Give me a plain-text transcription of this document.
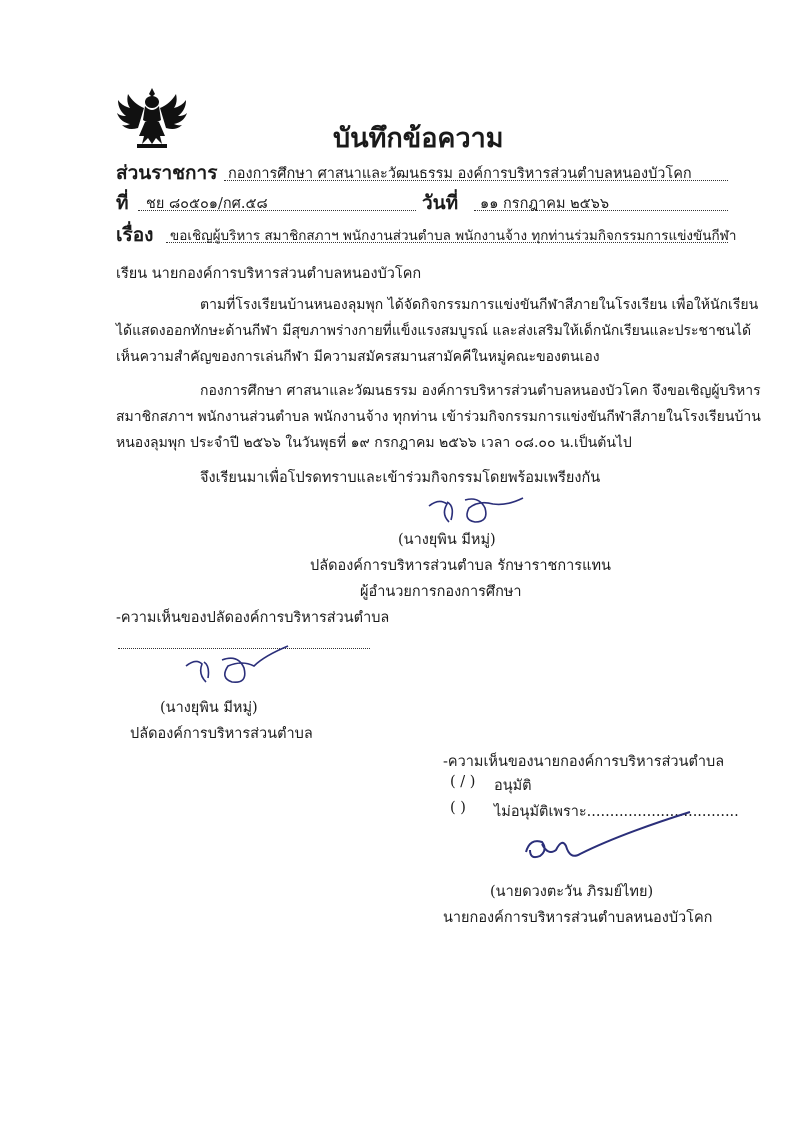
บันทึกข้อความ
ส่วนราชการ กองการศึกษา ศาสนาและวัฒนธรรม องค์การบริหารส่วนตำบลหนองบัวโคก
ที่ ชย ๘๐๕๐๑/กศ.๕๘	วันที่ ๑๑ กรกฎาคม ๒๕๖๖
เรื่อง ขอเชิญผู้บริหาร สมาชิกสภาฯ พนักงานส่วนตำบล พนักงานจ้าง ทุกท่านร่วมกิจกรรมการแข่งขันกีฬา
เรียน นายกองค์การบริหารส่วนตำบลหนองบัวโคก
ตามที่โรงเรียนบ้านหนองลุมพุก ได้จัดกิจกรรมการแข่งขันกีฬาสีภายในโรงเรียน เพื่อให้นักเรียน
ได้แสดงออกทักษะด้านกีฬา มีสุขภาพร่างกายที่แข็งแรงสมบูรณ์ และส่งเสริมให้เด็กนักเรียนและประชาชนได้
เห็นความสำคัญของการเล่นกีฬา มีความสมัครสมานสามัคคีในหมู่คณะของตนเอง
กองการศึกษา ศาสนาและวัฒนธรรม องค์การบริหารส่วนตำบลหนองบัวโคก จึงขอเชิญผู้บริหาร
สมาชิกสภาฯ พนักงานส่วนตำบล พนักงานจ้าง ทุกท่าน เข้าร่วมกิจกรรมการแข่งขันกีฬาสีภายในโรงเรียนบ้าน
หนองลุมพุก ประจำปี ๒๕๖๖ ในวันพุธที่ ๑๙ กรกฎาคม ๒๕๖๖ เวลา ๐๘.๐๐ น.เป็นต้นไป
จึงเรียนมาเพื่อโปรดทราบและเข้าร่วมกิจกรรมโดยพร้อมเพรียงกัน
(นางยุพิน มีหมู่)
ปลัดองค์การบริหารส่วนตำบล รักษาราชการแทน
ผู้อำนวยการกองการศึกษา
-ความเห็นของปลัดองค์การบริหารส่วนตำบล
(นางยุพิน มีหมู่)
ปลัดองค์การบริหารส่วนตำบล
-ความเห็นของนายกองค์การบริหารส่วนตำบล
( / ) อนุมัติ
( ) ไม่อนุมัติเพราะ.................................
(นายดวงตะวัน ภิรมย์ไทย)
นายกองค์การบริหารส่วนตำบลหนองบัวโคก
